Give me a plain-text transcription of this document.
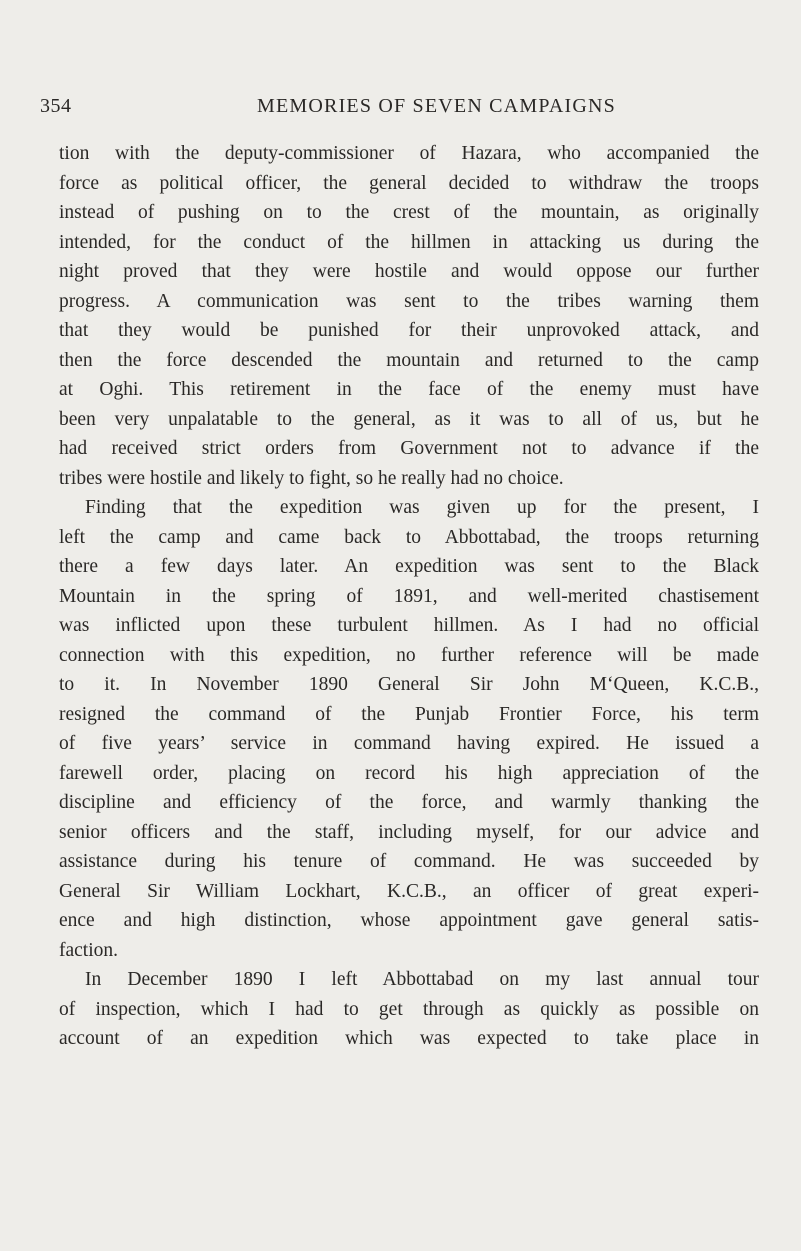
354	MEMORIES OF SEVEN CAMPAIGNS
tion with the deputy-commissioner of Hazara, who accompanied the
force as political officer, the general decided to withdraw the troops
instead of pushing on to the crest of the mountain, as originally
intended, for the conduct of the hillmen in attacking us during the
night proved that they were hostile and would oppose our further
progress. A communication was sent to the tribes warning them
that they would be punished for their unprovoked attack, and
then the force descended the mountain and returned to the camp
at Oghi. This retirement in the face of the enemy must have
been very unpalatable to the general, as it was to all of us, but he
had received strict orders from Government not to advance if the
tribes were hostile and likely to fight, so he really had no choice.
Finding that the expedition was given up for the present, I
left the camp and came back to Abbottabad, the troops returning
there a few days later. An expedition was sent to the Black
Mountain in the spring of 1891, and well-merited chastisement
was inflicted upon these turbulent hillmen. As I had no official
connection with this expedition, no further reference will be made
to it. In November 1890 General Sir John M‘Queen, K.C.B.,
resigned the command of the Punjab Frontier Force, his term
of five years’ service in command having expired. He issued a
farewell order, placing on record his high appreciation of the
discipline and efficiency of the force, and warmly thanking the
senior officers and the staff, including myself, for our advice and
assistance during his tenure of command. He was succeeded by
General Sir William Lockhart, K.C.B., an officer of great experi-
ence and high distinction, whose appointment gave general satis-
faction.
In December 1890 I left Abbottabad on my last annual tour
of inspection, which I had to get through as quickly as possible on
account of an expedition which was expected to take place in
